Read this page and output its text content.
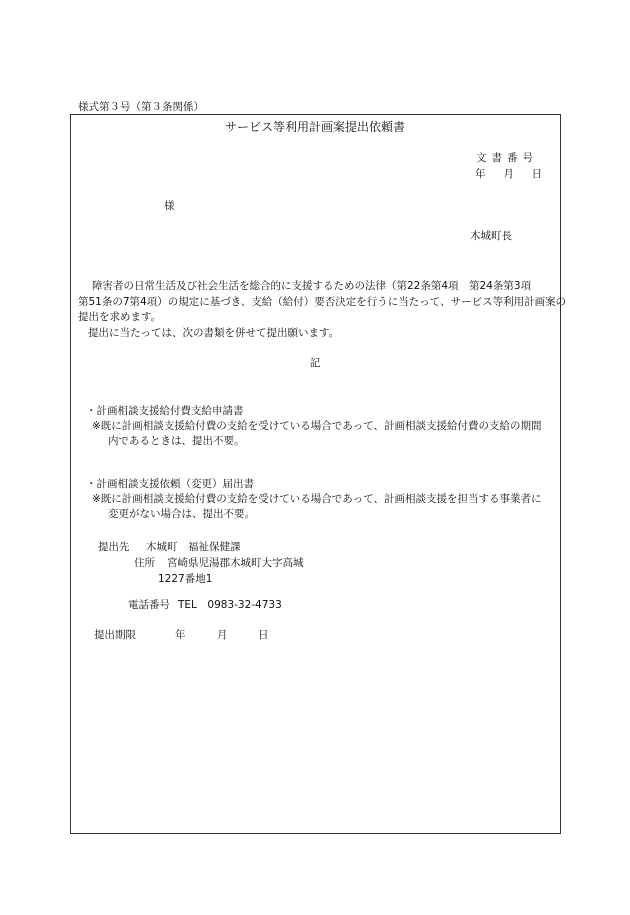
様式第３号（第３条関係）
サービス等利用計画案提出依頼書
文書番号
年　 月　 日
様
木城町長
障害者の日常生活及び社会生活を総合的に支援するための法律（第22条第4項　第24条第3項
第51条の7第4項）の規定に基づき、支給（給付）要否決定を行うに当たって、サービス等利用計画案の
提出を求めます。
提出に当たっては、次の書類を併せて提出願います。
記
・計画相談支援給付費支給申請書
※既に計画相談支援給付費の支給を受けている場合であって、計画相談支援給付費の支給の期間
内であるときは、提出不要。
・計画相談支援依頼（変更）届出書
※既に計画相談支援給付費の支給を受けている場合であって、計画相談支援を担当する事業者に
変更がない場合は、提出不要。
提出先 木城町　福祉保健課
住所 宮崎県児湯郡木城町大字高城
1227番地1
電話番号 TEL　0983-32-4733
提出期限	年	月	日
